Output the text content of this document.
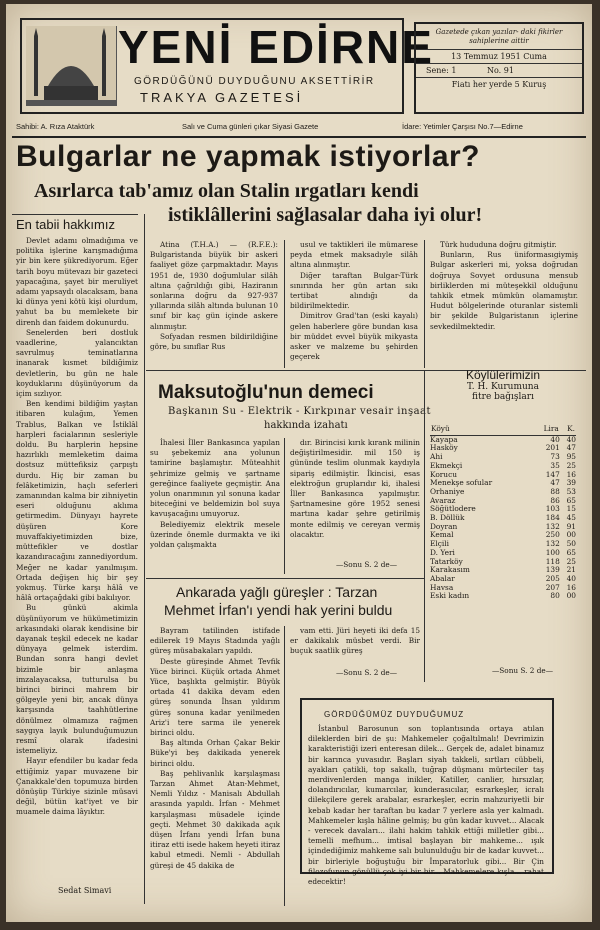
YENİ EDİRNE
GÖRDÜĞÜNÜ DUYDUĞUNU AKSETTİRİR
TRAKYA GAZETESİ
Gazetede çıkan yazılar- daki fikirler sahiplerine aittir
13 Temmuz 1951 Cuma
Sene: 1	No. 91
Fiatı her yerde 5 Kuruş
Sahibi: A. Rıza Ataktürk	Salı ve Cuma günleri çıkar Siyasi Gazete	İdare: Yetimler Çarşısı No.7—Edirne
Bulgarlar ne yapmak istiyorlar?
Asırlarca tab'amız olan Stalin ırgatları kendi
istiklâllerini sağlasalar daha iyi olur!
En tabii hakkımız

Devlet adamı olmadığıma ve politika işlerine karışmadığıma yir bin kere şükrediyorum. Eğer tarih boyu mütevazı bir gazeteci yapacağına, şayet bir meruliyet adamı yapsaydı olacaksam, bana ki dünya yeni kötü kişi olurdum, yahut ba bu memlekete bir direnh dan faidem dokunurdu.

Senelerden beri dostluk vaadlerine, yalancıktan savrulmuş teminatlarına inanarak kısmet bildiğimiz devletlerin, bu gün ne hale koyduklarını düşünüyorum da içim sızlıyor.

Ben kendimi bildiğim yaştan itibaren kulağım, Yemen Trablus, Balkan ve İstiklâl harpleri facialarının sesleriyle doldu. Bu harplerin hepsine hazırlıklı memleketim daima dostsuz müttefiksiz çarpıştı durdu. Hiç bir zaman bu felâketimizin, haçlı seferleri zamanından kalma bir zihniyetin eseri olduğunu aklıma getirmedim. Dünyayı hayrete düşüren Kore muvaffakiyetimizden bize, müttefikler ve dostlar kazandıracağını zannediyordum. Meğer ne kadar yanılmışım. Ortada değişen hiç bir şey yokmuş. Türke karşı hâlâ ve hâlâ ortaçağdaki gibi bakılıyor.

Bu günkü akimla düşünüyorum ve hükümetimizin arkasındaki olarak kendisine bir dayanak teşkil edecek ne kadar dünyaya gelmek isterdim. Bundan sonra hangi devlet bizimle bir anlaşma imzalayacaksa, tutturulsa bu birinci birinci mahrem bir gölgeyle yeni bir, ancak dünya karşısında taahhütlerine dönülmez olmamıza rağmen saygıya layık bulunduğumuzun resmî olarak ifadesini istemeliyiz.

Hayır efendiler bu kadar feda ettiğimiz yapar muvazene bir Çanakkale'den topumuza birden dönüşüp Türkiye sizinle müsavi değil, bütün kat'iyet ve bir muamele daima lâyıktır.

Sedat Simavi

Atina (T.H.A.) — (R.F.E.): Bulgaristanda büyük bir askeri faaliyet göze çarpmaktadır. Mayıs 1951 de, 1930 doğumlular silâh altına çağrıldığı gibi, Haziranın sonlarına doğru da 927-937 yıllarında silâh altında bulunan 10 sınıf bir kaç gün içinde askere alınmıştır.

Sofyadan resmen bildirildiğine göre, bu sınıflar Rus

usul ve taktikleri ile mümarese peyda etmek maksadıyle silâh altına alınmıştır.

Diğer taraftan Bulgar-Türk sınırında her gün artan sıkı tertibat alındığı da bildirilmektedir.

Dimitrov Grad'tan (eski kayalı) gelen haberlere göre bundan kısa bir müddet evvel büyük mikyasta asker ve malzeme bu şehirden geçerek

Türk hududuna doğru gitmiştir.

Bunların, Rus üniformasıgiymiş Bulgar askerleri mi, yoksa doğrudan doğruya Sovyet ordusuna mensub birliklerden mi müteşekkil olduğunu tahkik etmek mümkün olamamıştır. Hudut bölgelerinde oturanlar sistemli bir şekilde Bulgaristanın içlerine sevkedilmektedir.

Maksutoğlu'nun demeci
Başkanın Su - Elektrik - Kırkpınar vesair inşaat
hakkında izahatı

İhalesi İller Bankasınca yapılan su şebekemiz ana yolunun tamirine başlamıştır. Müteahhit şehrimize gelmiş ve şartname gereğince faaliyete geçmiştir. Ana yolun onarımının yıl sonuna kadar biteceğini ve beldemizin bol suya kavuşacağını umuyoruz.

Belediyemiz elektrik mesele üzerinde önemle durmakta ve iki yoldan çalışmakta

dır. Birincisi kırık kırank milinin değiştirilmesidir. mil 150 iş gününde teslim olunmak kaydıyla sipariş edilmiştir. İkincisi, esas elektroğun gruplarıdır ki, ihalesi İller Bankasınca yapılmıştır. Şartnamesine göre 1952 senesi martına kadar şehre getirilmiş monte edilmiş ve cereyan vermiş olacaktır.

—Sonu S. 2 de—
Ankarada yağlı güreşler : Tarzan
Mehmet İrfan'ı yendi hak yerini buldu

Bayram tatilinden istifade edilerek 19 Mayıs Stadında yağlı güreş müsabakaları yapıldı.

Deste güreşinde Ahmet Tevfik Yüce birinci. Küçük ortada Ahmet Yüce, başlıkta gelmiştir. Büyük ortada 41 dakika devam eden güreş sonunda İhsan yıldırım güreş sonuna kadar yenilmeden Ariz'i tere sarma ile yenerek birinci oldu.

Baş altında Orhan Çakar Bekir Büke'yi beş dakikada yenerek birinci oldu.

Baş pehlivanlık karşılaşması Tarzan Ahmet Atan-Mehmet, Nemli Yıldız - Manisalı Abdullah arasında yapıldı. İrfan - Mehmet karşılaşması müsadele içinde geçti. Mehmet 30 dakikada açık düşen İrfanı yendi İrfan buna itiraz etti isede hakem heyeti itiraz kabul etmedi. Nemli - Abdullah güreşi de 45 dakika de

vam etti. Jüri heyeti iki defa 15 er dakikalık müsbet verdi. Bir buçuk saatlik güreş

—Sonu S. 2 de—
Köylülerimizin
T. H. Kurumuna
fitre bağışları
Köyü	Lira	K.
Kayapa	40	40
Hasköy	201	47
Ahi	73	95
Ekmekçi	35	25
Korucu	147	16
Menekşe sofular	47	39
Orhaniye	88	53
Avaraz	86	65
Söğütlodere	103	15
B. Döllük	184	45
Doyran	132	91
Kemal	250	00
Elçili	132	50
D. Yeri	100	65
Tatarköy	118	25
Karakasım	139	21
Abalar	205	40
Havsa	207	16
Eski kadın	80	00
—Sonu S. 2 de—
GÖRDÜĞÜMÜZ DUYDUĞUMUZ

İstanbul Barosunun son toplantısında ortaya atılan dileklerden biri de şu: Mahkemeler çoğaltılmalı! Devrimizin karakteristiği izeri enteresan dilek... Gerçek de, adalet binamız bir karınca yuvasıdır. Başları siyah takkeli, sırtları cübbeli, ayakları çatikli, top sakallı, tuğrap düşmanı mürteciler taş merdivenlerden manga inikler, Katiller, canlier, hırsızlar, dolandırıcılar, kumarcılar, kunderasıcılar, esrarkeşler, icralı dilekçilere gerek arabalar, esrarkeşler, ecrin mahzuriyetli bir kebab kadar her taraftan bu kadar 7 yerlere asla yer kalmadı. Mahkemeler kışla hâline gelmiş; bu gün kadar kuvvet... Alacak - verecek davaları... ilahi hakim tahkik ettiği milletler gibi... temelli mefhum... imtisal başlayan bir mahkeme... ışık içindediğimiz mahkeme salı bulunulduğu bir de kadar kuvvet... bir birleriyle boğuştuğu bir İmparatorluk gibi... Bir Çin filozofunun gönüllü çok iyi bir bir... Mahkemelere kışla... rahat edecektir!
